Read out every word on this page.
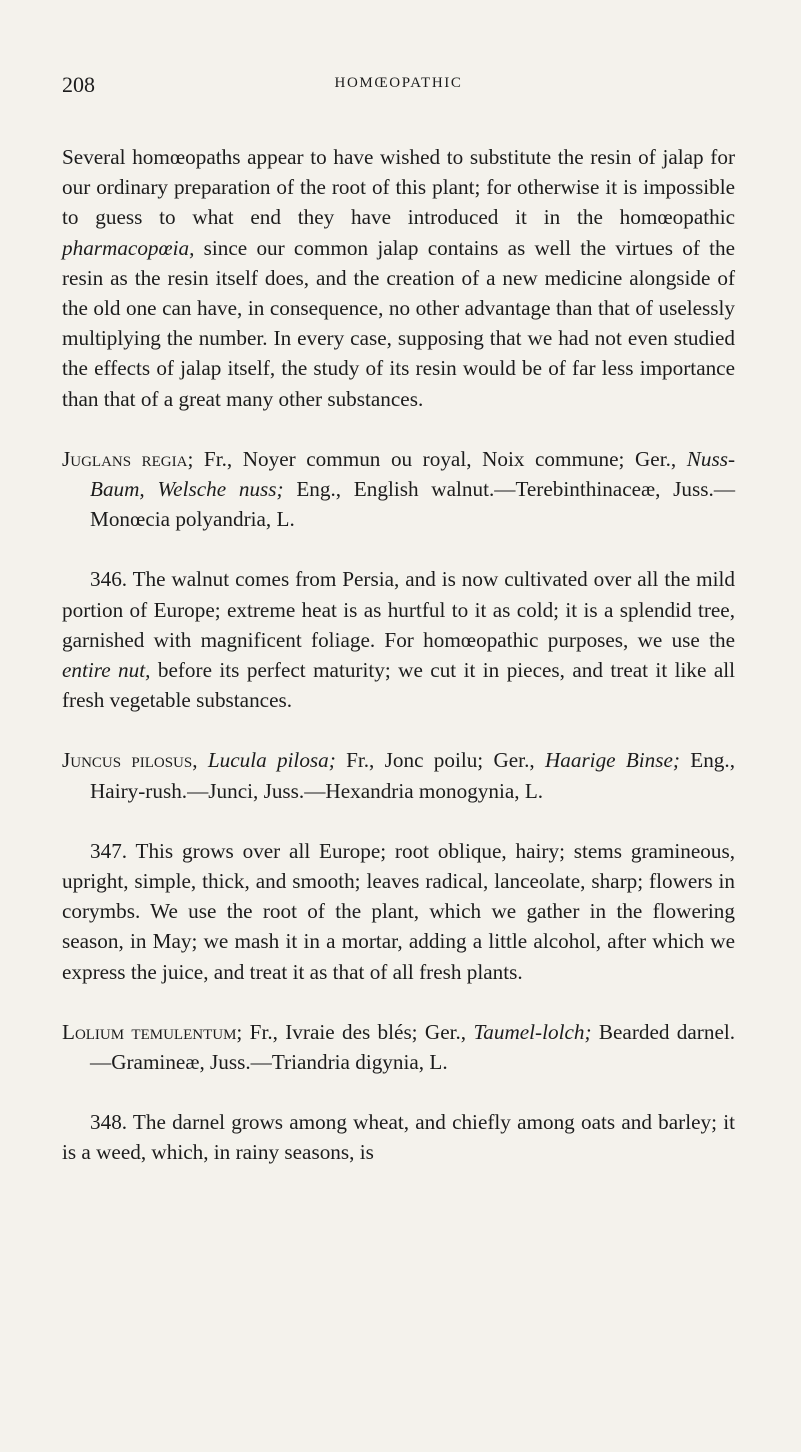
208	HOMŒOPATHIC

Several homœopaths appear to have wished to substitute the resin of jalap for our ordinary preparation of the root of this plant; for otherwise it is impossible to guess to what end they have introduced it in the homœopathic pharmacopœia, since our common jalap contains as well the virtues of the resin as the resin itself does, and the creation of a new medicine alongside of the old one can have, in consequence, no other advantage than that of uselessly multiplying the number. In every case, supposing that we had not even studied the effects of jalap itself, the study of its resin would be of far less importance than that of a great many other substances.

Juglans regia; Fr., Noyer commun ou royal, Noix commune; Ger., Nuss-Baum, Welsche nuss; Eng., English walnut.—Terebinthinaceæ, Juss.—Monœcia polyandria, L.

346. The walnut comes from Persia, and is now cultivated over all the mild portion of Europe; extreme heat is as hurtful to it as cold; it is a splendid tree, garnished with magnificent foliage. For homœopathic purposes, we use the entire nut, before its perfect maturity; we cut it in pieces, and treat it like all fresh vegetable substances.

Juncus pilosus, Lucula pilosa; Fr., Jonc poilu; Ger., Haarige Binse; Eng., Hairy-rush.—Junci, Juss.—Hexandria monogynia, L.

347. This grows over all Europe; root oblique, hairy; stems gramineous, upright, simple, thick, and smooth; leaves radical, lanceolate, sharp; flowers in corymbs. We use the root of the plant, which we gather in the flowering season, in May; we mash it in a mortar, adding a little alcohol, after which we express the juice, and treat it as that of all fresh plants.

Lolium temulentum; Fr., Ivraie des blés; Ger., Taumel-lolch; Bearded darnel.—Gramineæ, Juss.—Triandria digynia, L.

348. The darnel grows among wheat, and chiefly among oats and barley; it is a weed, which, in rainy seasons, is
